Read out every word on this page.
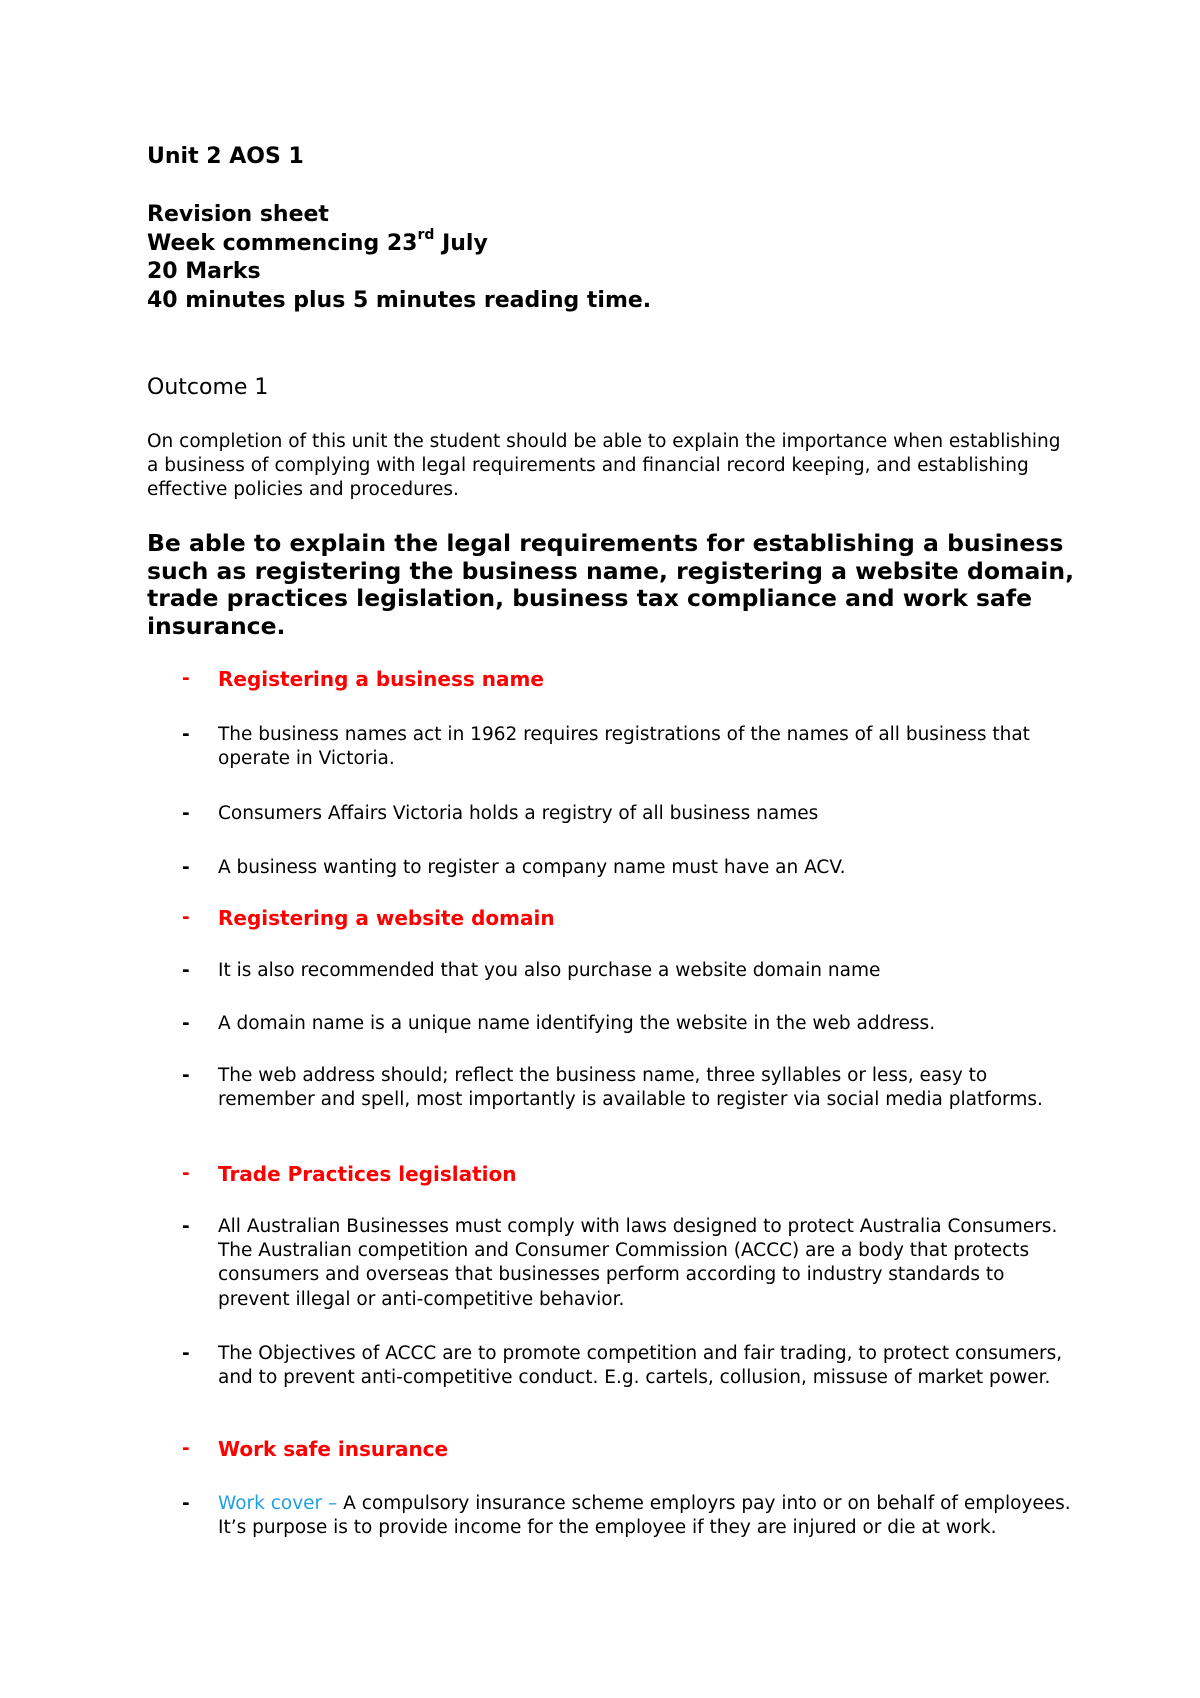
Unit 2 AOS 1
Revision sheet
Week commencing 23rd July
20 Marks
40 minutes plus 5 minutes reading time.
Outcome 1
On completion of this unit the student should be able to explain the importance when establishing a business of complying with legal requirements and financial record keeping, and establishing effective policies and procedures.
Be able to explain the legal requirements for establishing a business such as registering the business name, registering a website domain, trade practices legislation, business tax compliance and work safe insurance.
- Registering a business name
- The business names act in 1962 requires registrations of the names of all business that operate in Victoria.
- Consumers Affairs Victoria holds a registry of all business names
- A business wanting to register a company name must have an ACV.
- Registering a website domain
- It is also recommended that you also purchase a website domain name
- A domain name is a unique name identifying the website in the web address.
- The web address should; reflect the business name, three syllables or less, easy to remember and spell, most importantly is available to register via social media platforms.
- Trade Practices legislation
- All Australian Businesses must comply with laws designed to protect Australia Consumers. The Australian competition and Consumer Commission (ACCC) are a body that protects consumers and overseas that businesses perform according to industry standards to prevent illegal or anti-competitive behavior.
- The Objectives of ACCC are to promote competition and fair trading, to protect consumers, and to prevent anti-competitive conduct. E.g. cartels, collusion, missuse of market power.
- Work safe insurance
- Work cover – A compulsory insurance scheme employrs pay into or on behalf of employees. It’s purpose is to provide income for the employee if they are injured or die at work.
